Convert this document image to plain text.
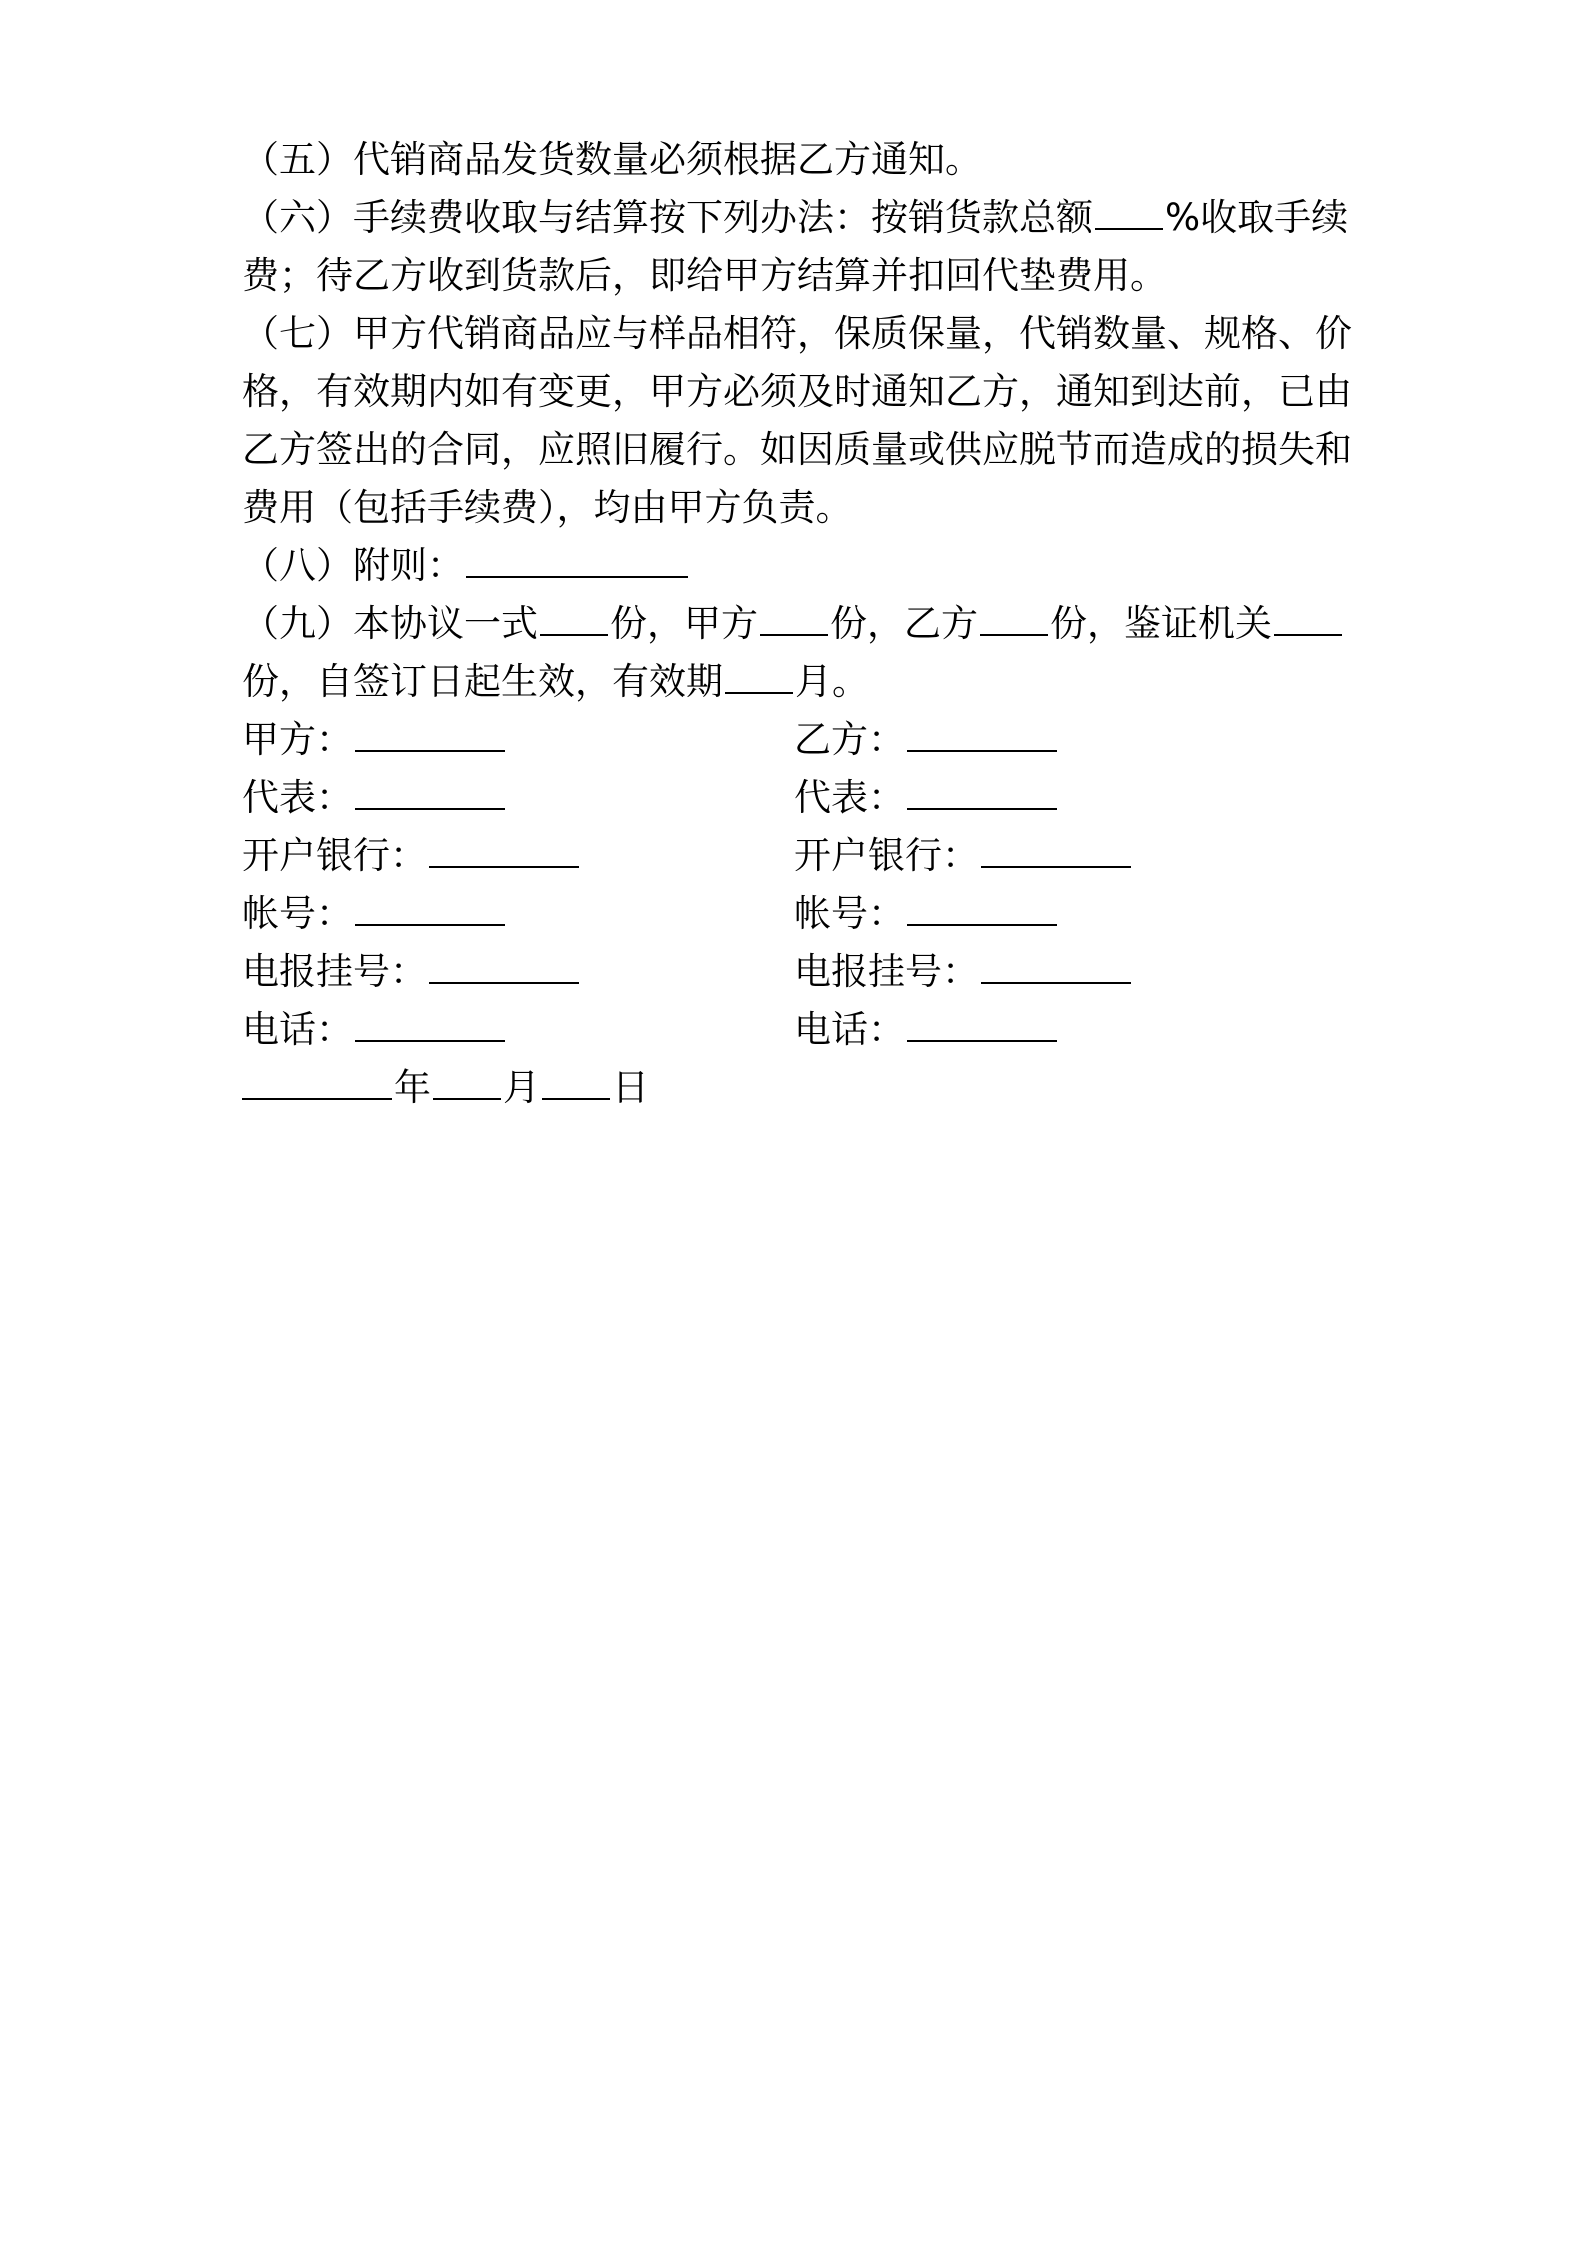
（五）代销商品发货数量必须根据乙方通知。
（六）手续费收取与结算按下列办法：按销货款总额 %收取手续
费；待乙方收到货款后，即给甲方结算并扣回代垫费用。
（七）甲方代销商品应与样品相符，保质保量，代销数量、规格、价
格，有效期内如有变更，甲方必须及时通知乙方，通知到达前，已由
乙方签出的合同，应照旧履行。如因质量或供应脱节而造成的损失和
费用（包括手续费），均由甲方负责。
（八）附则：
（九）本协议一式 份，甲方 份，乙方 份，鉴证机关
份，自签订日起生效，有效期 月。
甲方：	乙方：
代表：	代表：
开户银行：	开户银行：
帐号：	帐号：
电报挂号：	电报挂号：
电话：	电话：
年 月 日
